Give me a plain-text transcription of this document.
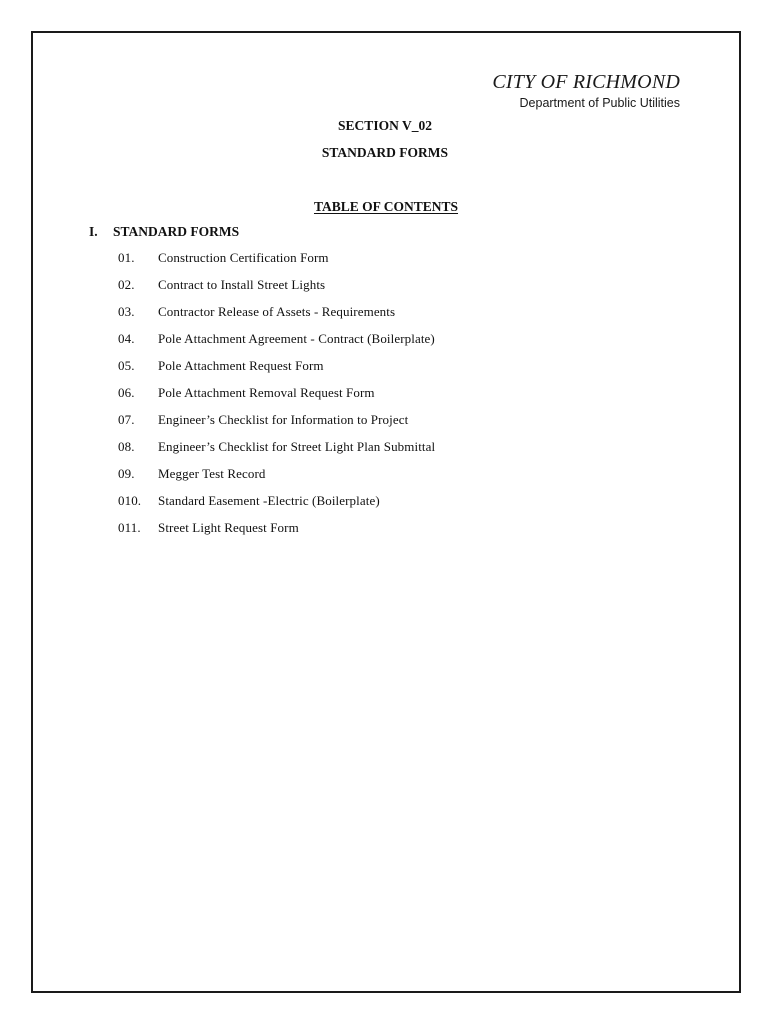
CITY OF RICHMOND
Department of Public Utilities
SECTION V_02
STANDARD FORMS
TABLE OF CONTENTS
I.	STANDARD FORMS
01.	Construction Certification Form
02.	Contract to Install Street Lights
03.	Contractor Release of Assets - Requirements
04.	Pole Attachment Agreement - Contract (Boilerplate)
05.	Pole Attachment Request Form
06.	Pole Attachment Removal Request Form
07.	Engineer’s Checklist for Information to Project
08.	Engineer’s Checklist for Street Light Plan Submittal
09.	Megger Test Record
010.	Standard Easement -Electric (Boilerplate)
011.	Street Light Request Form
